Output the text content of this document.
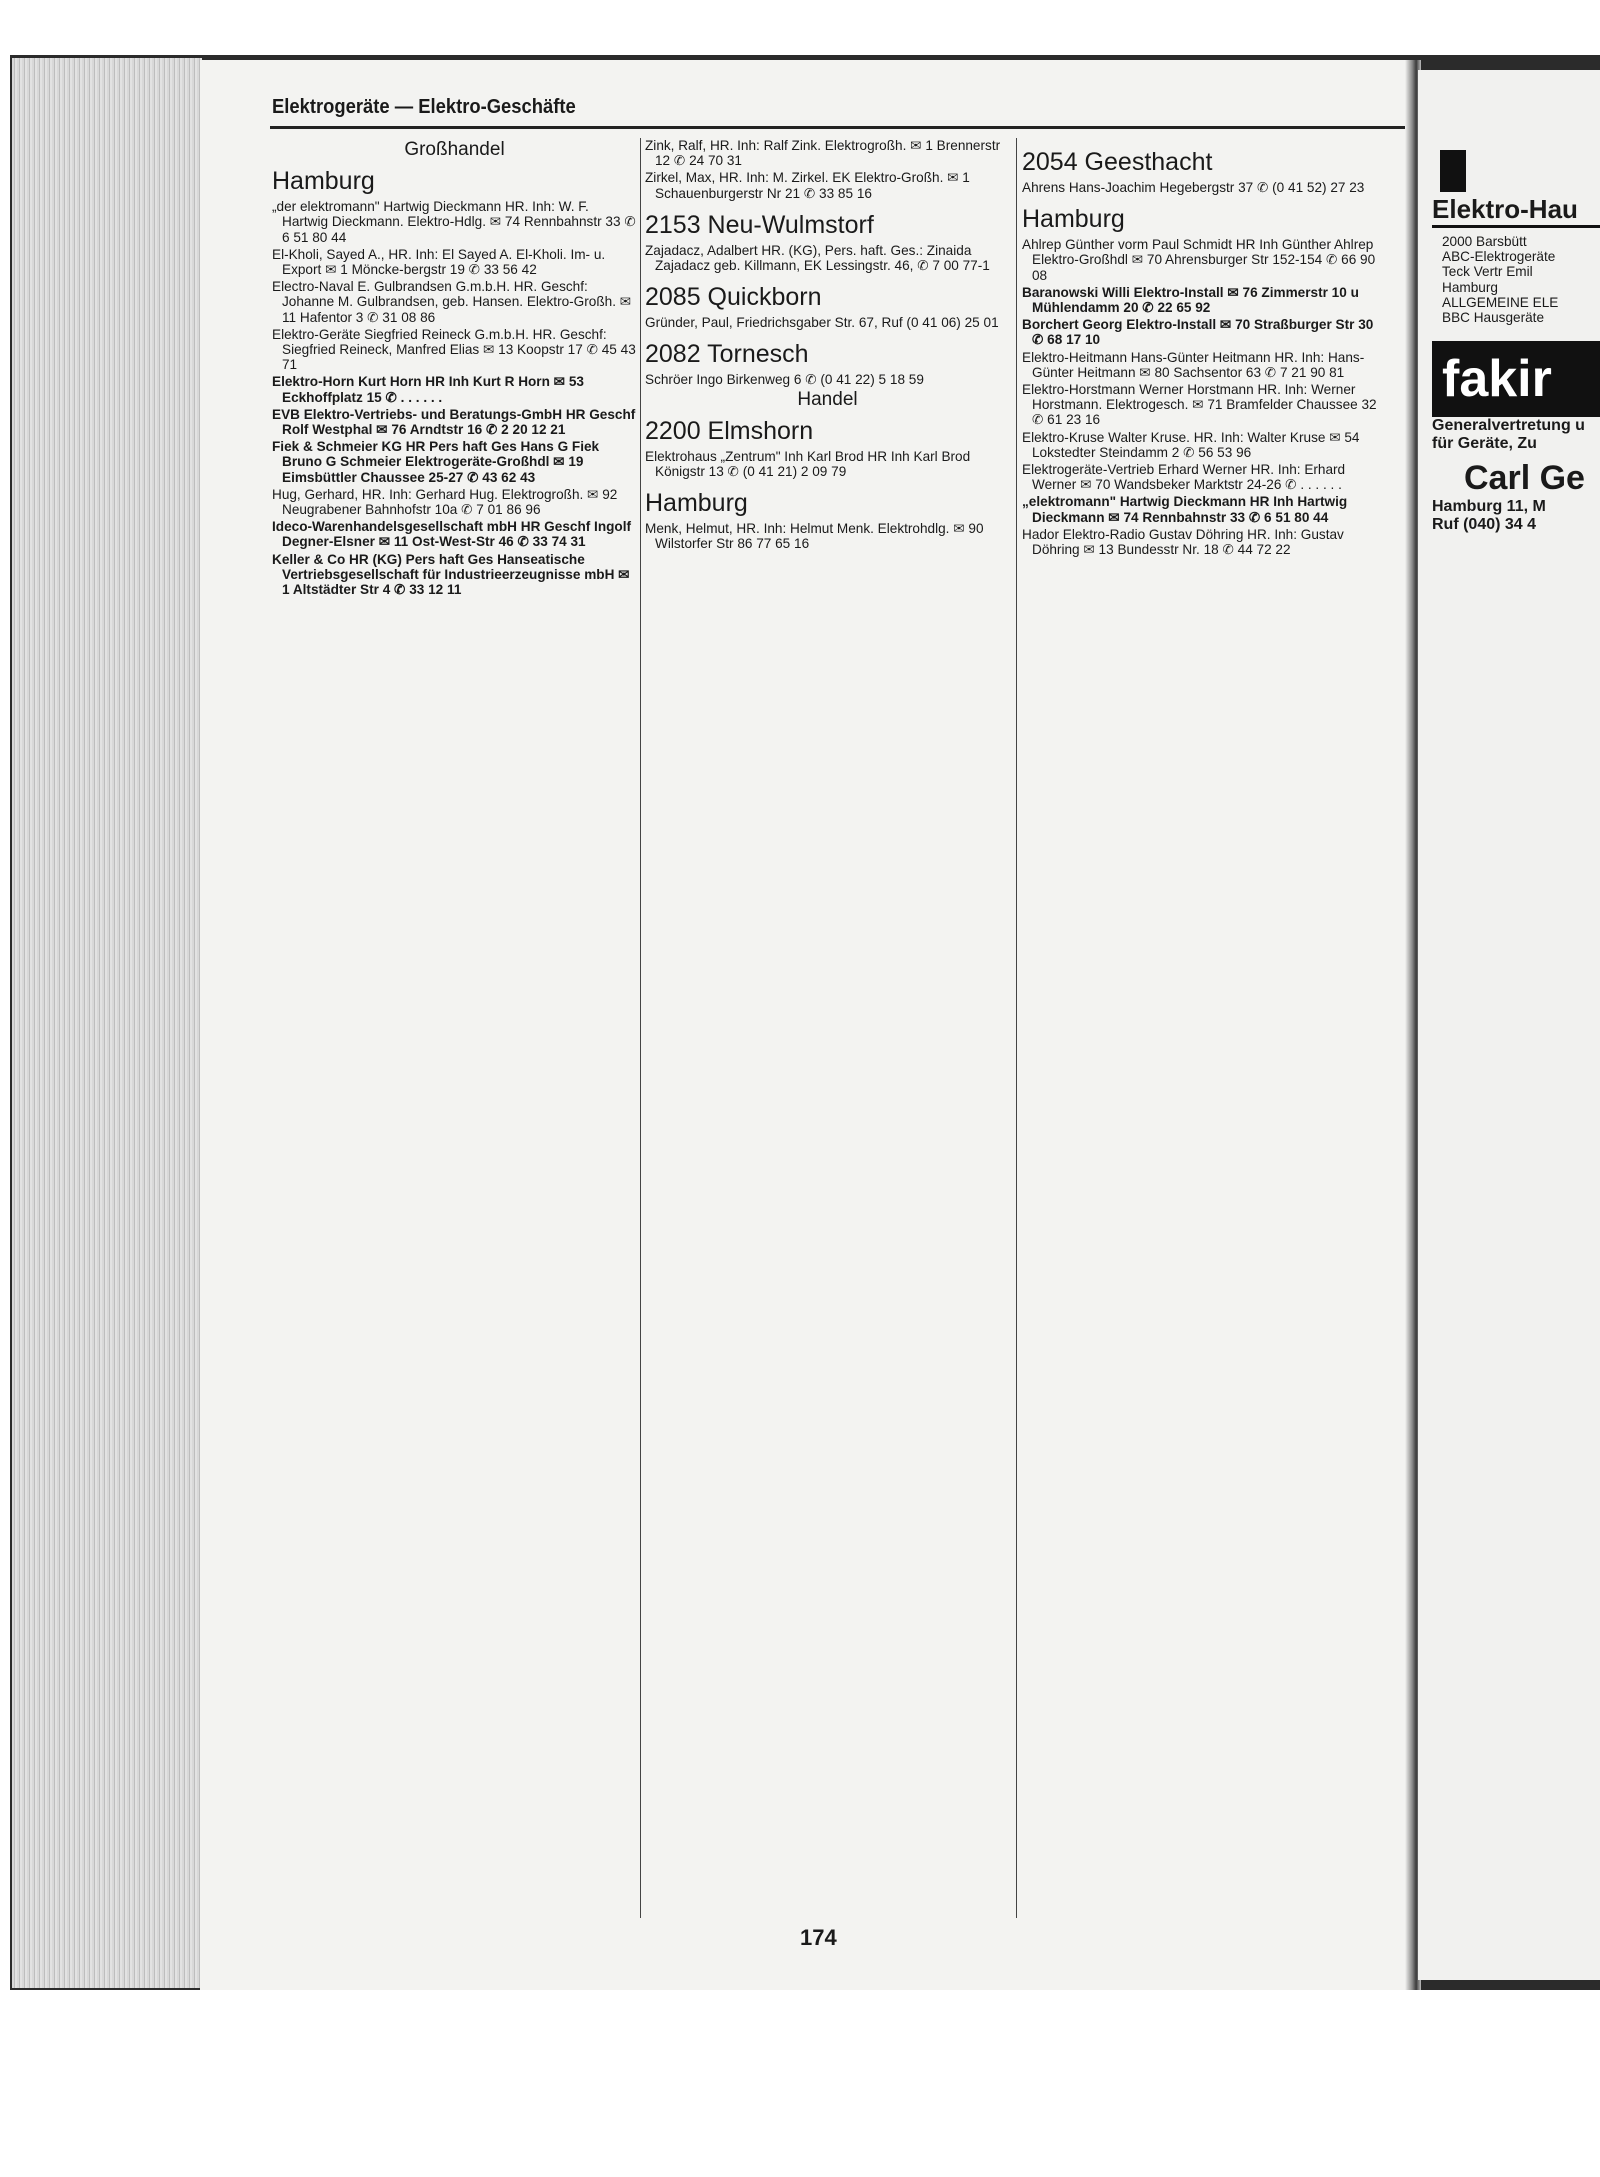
Elektrogeräte — Elektro-Geschäfte
Großhandel
Hamburg
„der elektromann" Hartwig Dieckmann HR. Inh: W. F. Hartwig Dieckmann. Elektro-Hdlg. ✉ 74 Rennbahnstr 33 ✆ 6 51 80 44
El-Kholi, Sayed A., HR. Inh: El Sayed A. El-Kholi. Im- u. Export ✉ 1 Möncke-bergstr 19 ✆ 33 56 42
Electro-Naval E. Gulbrandsen G.m.b.H. HR. Geschf: Johanne M. Gulbrandsen, geb. Hansen. Elektro-Großh. ✉ 11 Hafentor 3 ✆ 31 08 86
Elektro-Geräte Siegfried Reineck G.m.b.H. HR. Geschf: Siegfried Reineck, Manfred Elias ✉ 13 Koopstr 17 ✆ 45 43 71
Elektro-Horn Kurt Horn HR Inh Kurt R Horn ✉ 53 Eckhoffplatz 15 ✆ . . . . . .
EVB Elektro-Vertriebs- und Beratungs-GmbH HR Geschf Rolf Westphal ✉ 76 Arndtstr 16 ✆ 2 20 12 21
Fiek & Schmeier KG HR Pers haft Ges Hans G Fiek Bruno G Schmeier Elektrogeräte-Großhdl ✉ 19 Eimsbüttler Chaussee 25-27 ✆ 43 62 43
Hug, Gerhard, HR. Inh: Gerhard Hug. Elektrogroßh. ✉ 92 Neugrabener Bahnhofstr 10a ✆ 7 01 86 96
Ideco-Warenhandelsgesellschaft mbH HR Geschf Ingolf Degner-Elsner ✉ 11 Ost-West-Str 46 ✆ 33 74 31
Keller & Co HR (KG) Pers haft Ges Hanseatische Vertriebsgesellschaft für Industrieerzeugnisse mbH ✉ 1 Altstädter Str 4 ✆ 33 12 11
Zink, Ralf, HR. Inh: Ralf Zink. Elektrogroßh. ✉ 1 Brennerstr 12 ✆ 24 70 31
Zirkel, Max, HR. Inh: M. Zirkel. EK Elektro-Großh. ✉ 1 Schauenburgerstr Nr 21 ✆ 33 85 16
2153 Neu-Wulmstorf
Zajadacz, Adalbert HR. (KG), Pers. haft. Ges.: Zinaida Zajadacz geb. Killmann, EK Lessingstr. 46, ✆ 7 00 77-1
2085 Quickborn
Gründer, Paul, Friedrichsgaber Str. 67, Ruf (0 41 06) 25 01
2082 Tornesch
Schröer Ingo Birkenweg 6 ✆ (0 41 22) 5 18 59
Handel
2200 Elmshorn
Elektrohaus „Zentrum" Inh Karl Brod HR Inh Karl Brod Königstr 13 ✆ (0 41 21) 2 09 79
Hamburg
Menk, Helmut, HR. Inh: Helmut Menk. Elektrohdlg. ✉ 90 Wilstorfer Str 86 77 65 16
2054 Geesthacht
Ahrens Hans-Joachim Hegebergstr 37 ✆ (0 41 52) 27 23
Hamburg
Ahlrep Günther vorm Paul Schmidt HR Inh Günther Ahlrep Elektro-Großhdl ✉ 70 Ahrensburger Str 152-154 ✆ 66 90 08
Baranowski Willi Elektro-Install ✉ 76 Zimmerstr 10 u Mühlendamm 20 ✆ 22 65 92
Borchert Georg Elektro-Install ✉ 70 Straßburger Str 30 ✆ 68 17 10
Elektro-Heitmann Hans-Günter Heitmann HR. Inh: Hans-Günter Heitmann ✉ 80 Sachsentor 63 ✆ 7 21 90 81
Elektro-Horstmann Werner Horstmann HR. Inh: Werner Horstmann. Elektrogesch. ✉ 71 Bramfelder Chaussee 32 ✆ 61 23 16
Elektro-Kruse Walter Kruse. HR. Inh: Walter Kruse ✉ 54 Lokstedter Steindamm 2 ✆ 56 53 96
Elektrogeräte-Vertrieb Erhard Werner HR. Inh: Erhard Werner ✉ 70 Wandsbeker Marktstr 24-26 ✆ . . . . . .
„elektromann" Hartwig Dieckmann HR Inh Hartwig Dieckmann ✉ 74 Rennbahnstr 33 ✆ 6 51 80 44
Hador Elektro-Radio Gustav Döhring HR. Inh: Gustav Döhring ✉ 13 Bundesstr Nr. 18 ✆ 44 72 22
174
Elektro-Hau
2000 Barsbütt
ABC-Elektrogeräte
Teck Vertr Emil
Hamburg
ALLGEMEINE ELE
BBC Hausgeräte
fakir
Generalvertretung u
für Geräte, Zu
Carl Ge
Hamburg 11, M
Ruf (040) 34 4
